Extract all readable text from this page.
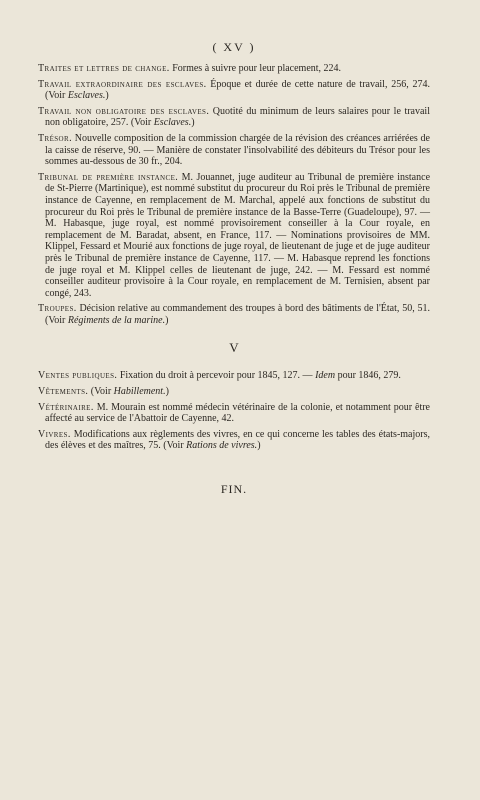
( XV )

Traites et lettres de change. Formes à suivre pour leur placement, 224.

Travail extraordinaire des esclaves. Époque et durée de cette nature de travail, 256, 274. (Voir Esclaves.)

Travail non obligatoire des esclaves. Quotité du minimum de leurs salaires pour le travail non obligatoire, 257. (Voir Esclaves.)

Trésor. Nouvelle composition de la commission chargée de la révision des créances arriérées de la caisse de réserve, 90. — Manière de constater l'insolvabilité des débiteurs du Trésor pour les sommes au-dessous de 30 fr., 204.

Tribunal de première instance. M. Jouannet, juge auditeur au Tribunal de première instance de St-Pierre (Martinique), est nommé substitut du procureur du Roi près le Tribunal de première instance de Cayenne, en remplacement de M. Marchal, appelé aux fonctions de substitut du procureur du Roi près le Tribunal de première instance de la Basse-Terre (Guadeloupe), 97. — M. Habasque, juge royal, est nommé provisoirement conseiller à la Cour royale, en remplacement de M. Baradat, absent, en France, 117. — Nominations provisoires de MM. Klippel, Fessard et Mourié aux fonctions de juge royal, de lieutenant de juge et de juge auditeur près le Tribunal de première instance de Cayenne, 117. — M. Habasque reprend les fonctions de juge royal et M. Klippel celles de lieutenant de juge, 242. — M. Fessard est nommé conseiller auditeur provisoire à la Cour royale, en remplacement de M. Ternisien, absent par congé, 243.

Troupes. Décision relative au commandement des troupes à bord des bâtiments de l'État, 50, 51. (Voir Régiments de la marine.)

V

Ventes publiques. Fixation du droit à percevoir pour 1845, 127. — Idem pour 1846, 279.

Vêtements. (Voir Habillement.)

Vétérinaire. M. Mourain est nommé médecin vétérinaire de la colonie, et notamment pour être affecté au service de l'Abattoir de Cayenne, 42.

Vivres. Modifications aux règlements des vivres, en ce qui concerne les tables des états-majors, des élèves et des maîtres, 75. (Voir Rations de vivres.)

FIN.
